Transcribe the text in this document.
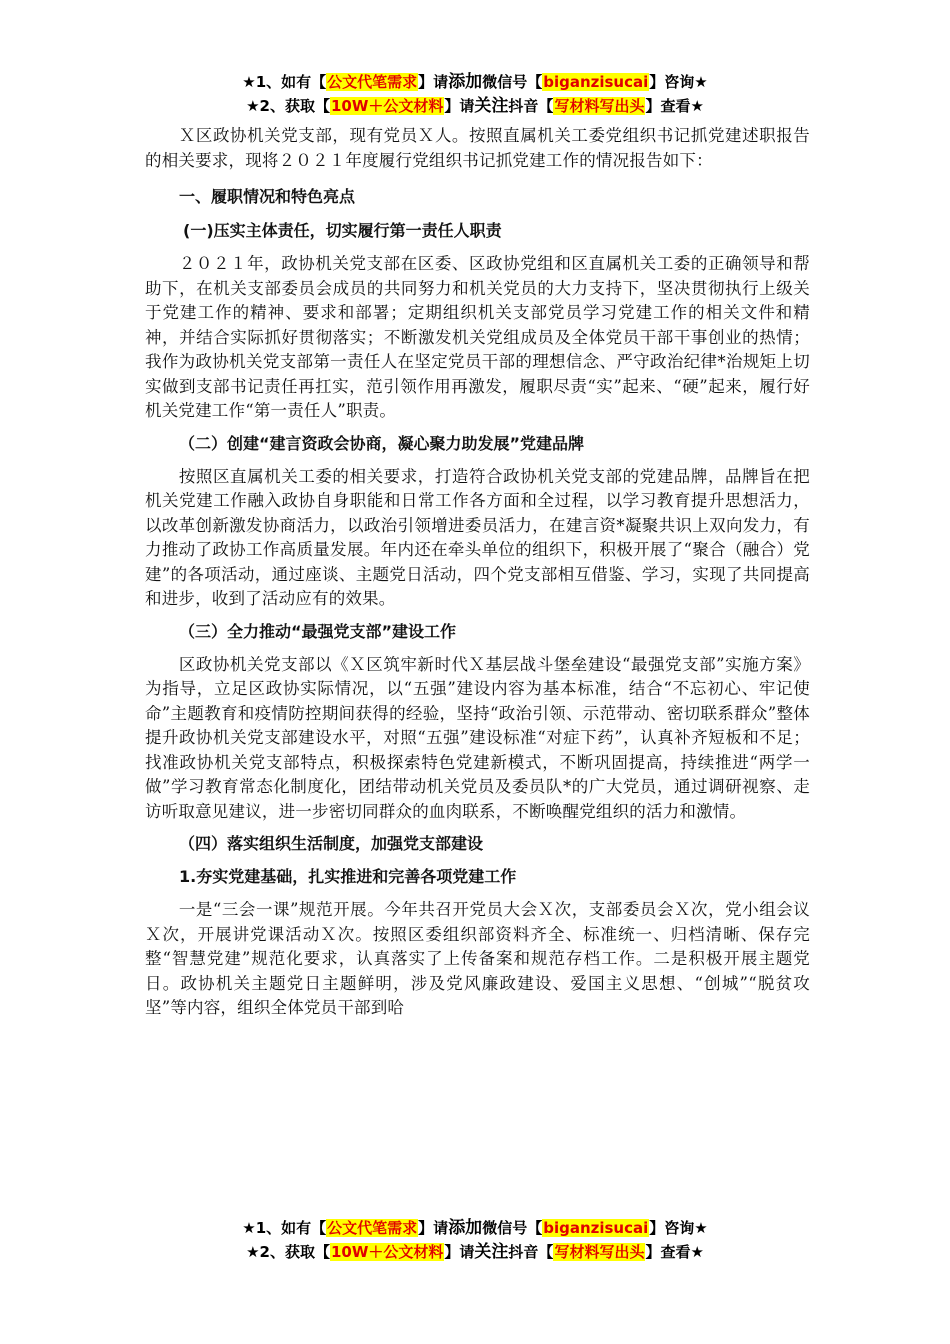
★1、如有【公文代笔需求】请添加微信号【biganzisucai】咨询★
★2、获取【10W＋公文材料】请关注抖音【写材料写出头】查看★

Ｘ区政协机关党支部，现有党员Ｘ人。按照直属机关工委党组织书记抓党建述职报告的相关要求，现将２０２１年度履行党组织书记抓党建工作的情况报告如下：

一、履职情况和特色亮点

(一)压实主体责任，切实履行第一责任人职责

２０２１年，政协机关党支部在区委、区政协党组和区直属机关工委的正确领导和帮助下，在机关支部委员会成员的共同努力和机关党员的大力支持下，坚决贯彻执行上级关于党建工作的精神、要求和部署；定期组织机关支部党员学习党建工作的相关文件和精神，并结合实际抓好贯彻落实；不断激发机关党组成员及全体党员干部干事创业的热情；我作为政协机关党支部第一责任人在坚定党员干部的理想信念、严守政治纪律*治规矩上切实做到支部书记责任再扛实，范引领作用再激发，履职尽责“实”起来、“硬”起来，履行好机关党建工作“第一责任人”职责。

（二）创建“建言资政会协商，凝心聚力助发展”党建品牌

按照区直属机关工委的相关要求，打造符合政协机关党支部的党建品牌，品牌旨在把机关党建工作融入政协自身职能和日常工作各方面和全过程，以学习教育提升思想活力，以改革创新激发协商活力，以政治引领增进委员活力，在建言资*凝聚共识上双向发力，有力推动了政协工作高质量发展。年内还在牵头单位的组织下，积极开展了“聚合（融合）党建”的各项活动，通过座谈、主题党日活动，四个党支部相互借鉴、学习，实现了共同提高和进步，收到了活动应有的效果。

（三）全力推动“最强党支部”建设工作

区政协机关党支部以《Ｘ区筑牢新时代Ｘ基层战斗堡垒建设“最强党支部”实施方案》为指导，立足区政协实际情况，以“五强”建设内容为基本标准，结合“不忘初心、牢记使命”主题教育和疫情防控期间获得的经验，坚持“政治引领、示范带动、密切联系群众”整体提升政协机关党支部建设水平，对照“五强”建设标准“对症下药”，认真补齐短板和不足；找准政协机关党支部特点，积极探索特色党建新模式，不断巩固提高，持续推进“两学一做”学习教育常态化制度化，团结带动机关党员及委员队*的广大党员，通过调研视察、走访听取意见建议，进一步密切同群众的血肉联系，不断唤醒党组织的活力和激情。

（四）落实组织生活制度，加强党支部建设

1.夯实党建基础，扎实推进和完善各项党建工作

一是“三会一课”规范开展。今年共召开党员大会Ｘ次，支部委员会Ｘ次，党小组会议Ｘ次，开展讲党课活动Ｘ次。按照区委组织部资料齐全、标准统一、归档清晰、保存完整“智慧党建”规范化要求，认真落实了上传备案和规范存档工作。二是积极开展主题党日。政协机关主题党日主题鲜明，涉及党风廉政建设、爱国主义思想、“创城”“脱贫攻坚”等内容，组织全体党员干部到哈

★1、如有【公文代笔需求】请添加微信号【biganzisucai】咨询★
★2、获取【10W＋公文材料】请关注抖音【写材料写出头】查看★
